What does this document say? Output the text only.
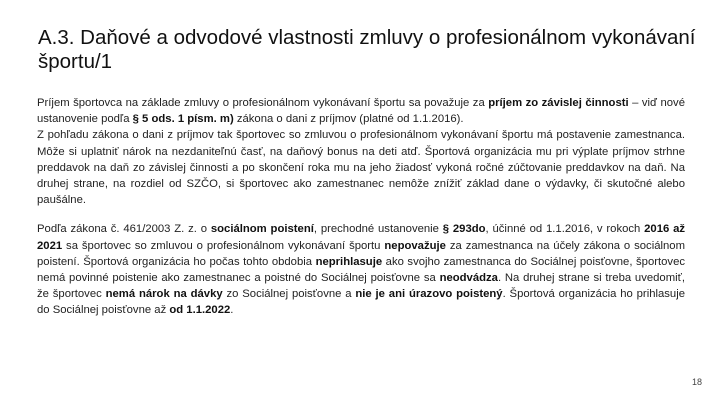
A.3. Daňové a odvodové vlastnosti zmluvy o profesionálnom vykonávaní športu/1

Príjem športovca na základe zmluvy o profesionálnom vykonávaní športu sa považuje za príjem zo závislej činnosti – viď nové ustanovenie podľa § 5 ods. 1 písm. m) zákona o dani z príjmov (platné od 1.1.2016).

Z pohľadu zákona o dani z príjmov tak športovec so zmluvou o profesionálnom vykonávaní športu má postavenie zamestnanca. Môže si uplatniť nárok na nezdaniteľnú časť, na daňový bonus na deti atď. Športová organizácia mu pri výplate príjmov strhne preddavok na daň zo závislej činnosti a po skončení roka mu na jeho žiadosť vykoná ročné zúčtovanie preddavkov na daň. Na druhej strane, na rozdiel od SZČO, si športovec ako zamestnanec nemôže znížiť základ dane o výdavky, či skutočné alebo paušálne.

Podľa zákona č. 461/2003 Z. z. o sociálnom poistení, prechodné ustanovenie § 293do, účinné od 1.1.2016, v rokoch 2016 až 2021 sa športovec so zmluvou o profesionálnom vykonávaní športu nepovažuje za zamestnanca na účely zákona o sociálnom poistení. Športová organizácia ho počas tohto obdobia neprihlasuje ako svojho zamestnanca do Sociálnej poisťovne, športovec nemá povinné poistenie ako zamestnanec a poistné do Sociálnej poisťovne sa neodvádza. Na druhej strane si treba uvedomiť, že športovec nemá nárok na dávky zo Sociálnej poisťovne a nie je ani úrazovo poistený. Športová organizácia ho prihlasuje do Sociálnej poisťovne až od 1.1.2022.

18
